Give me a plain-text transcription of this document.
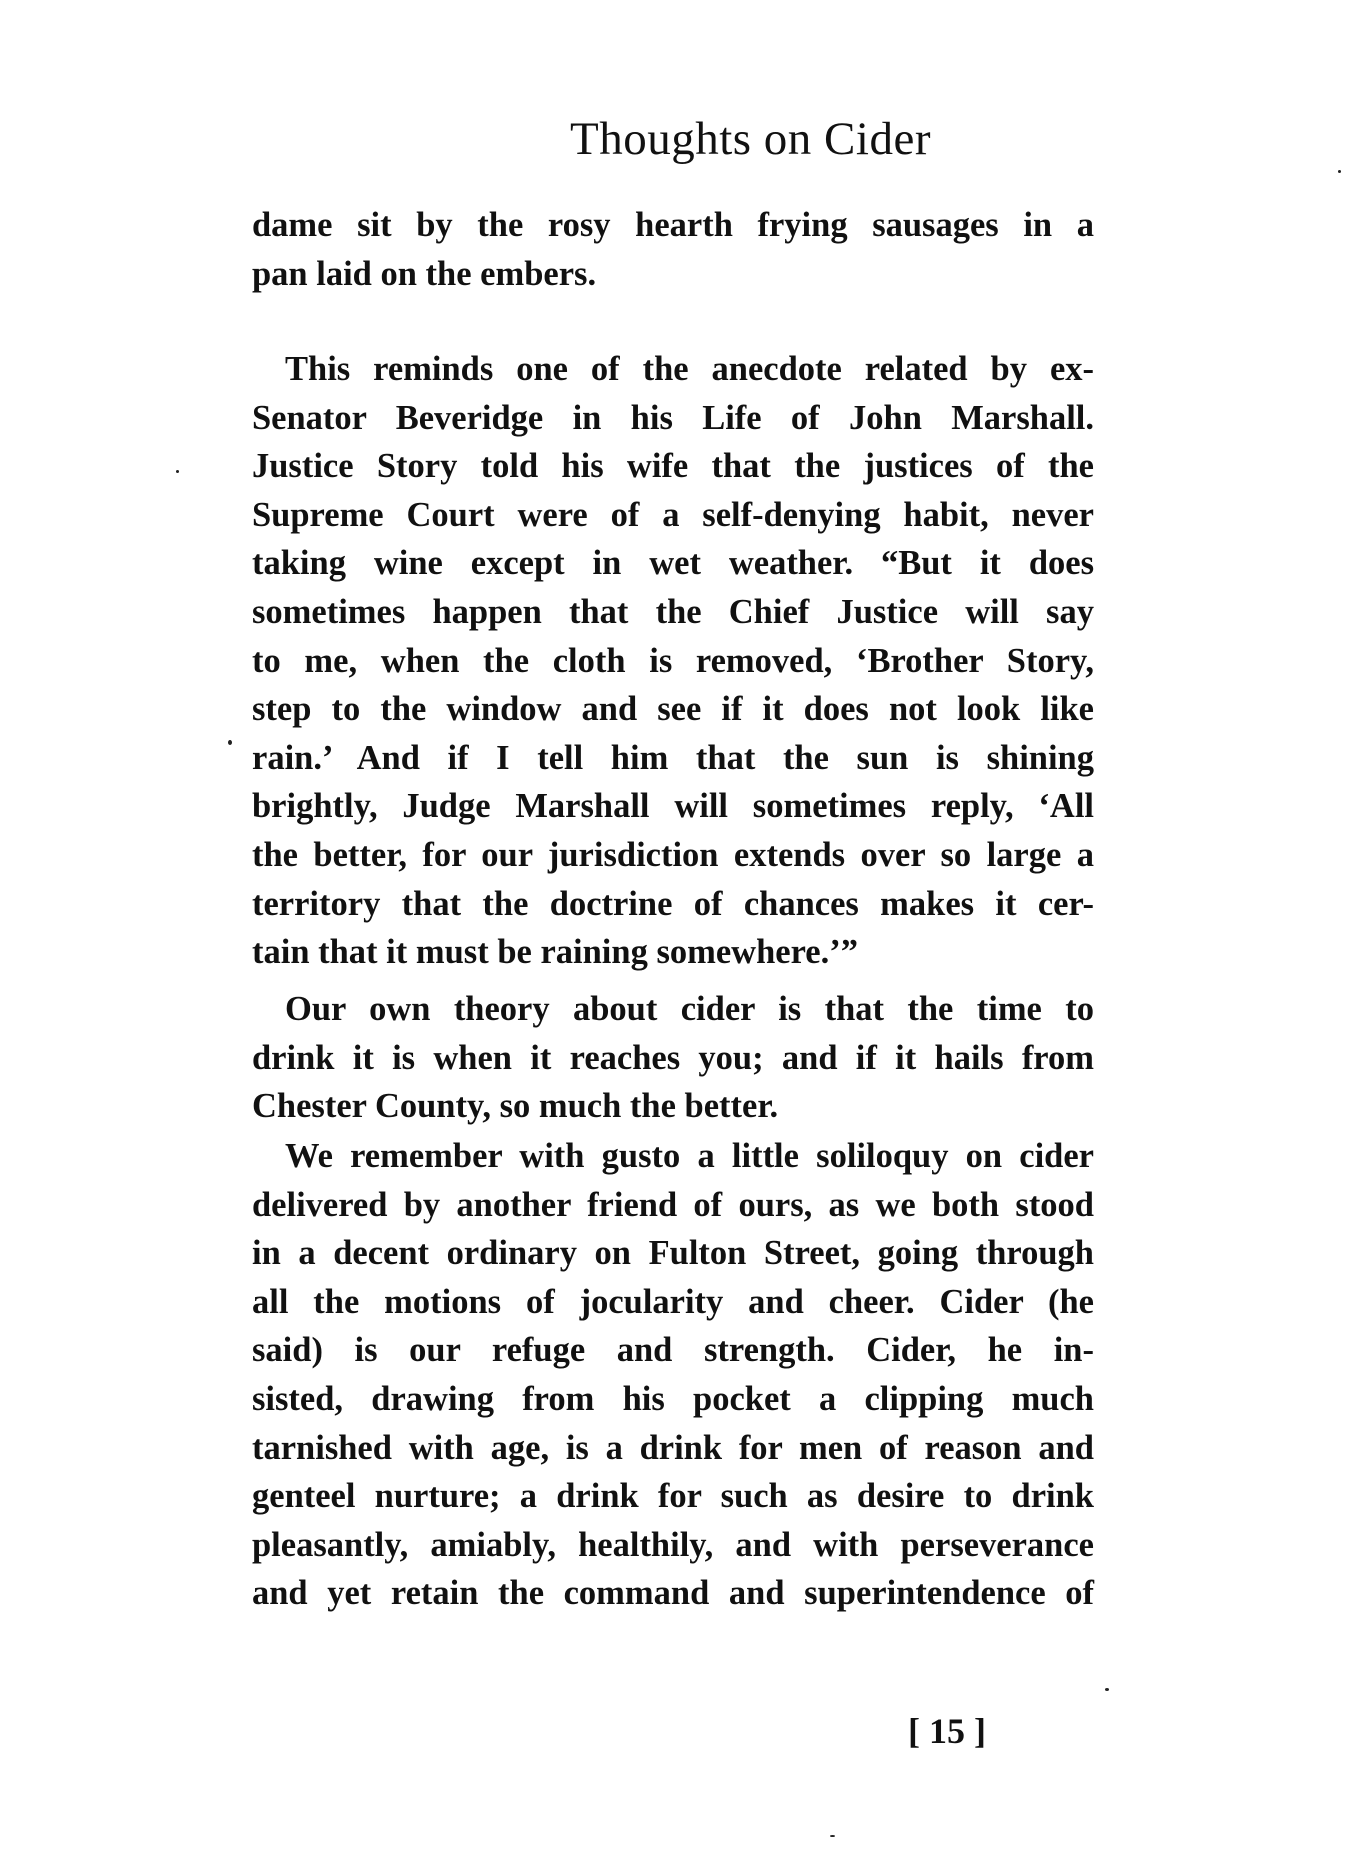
Thoughts on Cider
dame sit by the rosy hearth frying sausages in a
pan laid on the embers.
This reminds one of the anecdote related by ex-
Senator Beveridge in his Life of John Marshall.
Justice Story told his wife that the justices of the
Supreme Court were of a self-denying habit, never
taking wine except in wet weather. “But it does
sometimes happen that the Chief Justice will say
to me, when the cloth is removed, ‘Brother Story,
step to the window and see if it does not look like
rain.’ And if I tell him that the sun is shining
brightly, Judge Marshall will sometimes reply, ‘All
the better, for our jurisdiction extends over so large a
territory that the doctrine of chances makes it cer-
tain that it must be raining somewhere.’”
Our own theory about cider is that the time to
drink it is when it reaches you; and if it hails from
Chester County, so much the better.
We remember with gusto a little soliloquy on cider
delivered by another friend of ours, as we both stood
in a decent ordinary on Fulton Street, going through
all the motions of jocularity and cheer. Cider (he
said) is our refuge and strength. Cider, he in-
sisted, drawing from his pocket a clipping much
tarnished with age, is a drink for men of reason and
genteel nurture; a drink for such as desire to drink
pleasantly, amiably, healthily, and with perseverance
and yet retain the command and superintendence of
[ 15 ]
